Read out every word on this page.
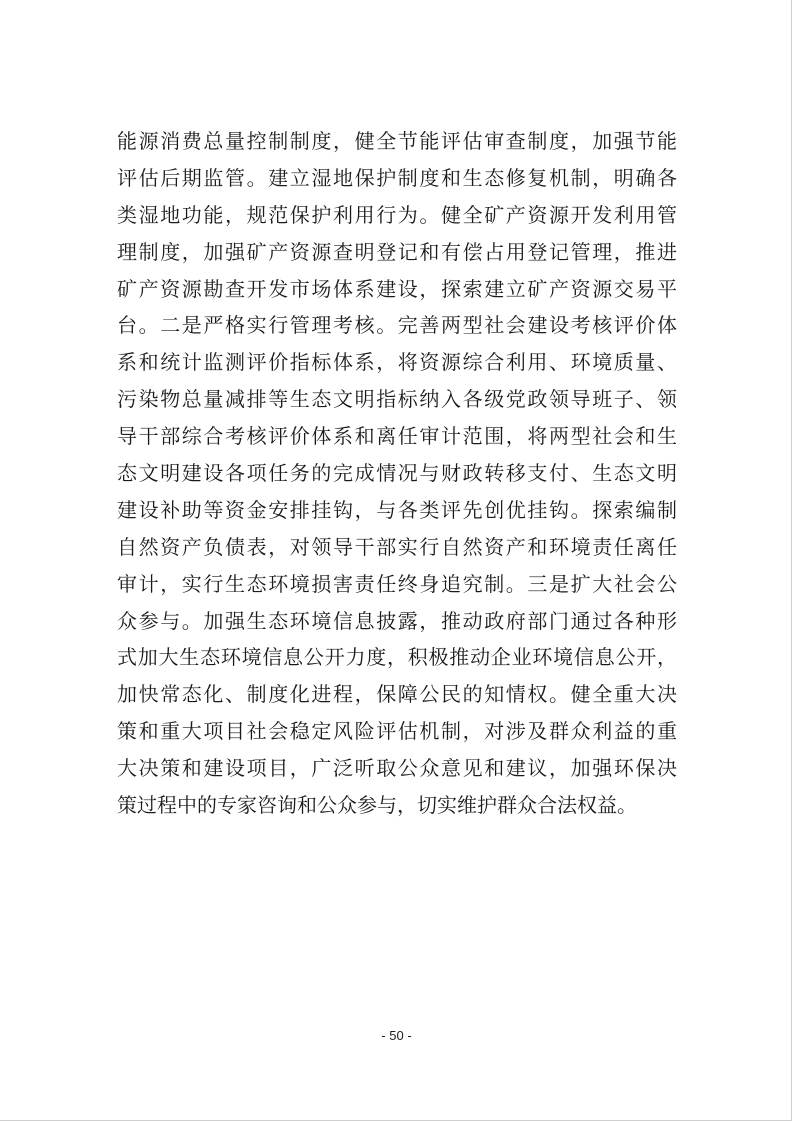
能源消费总量控制制度，健全节能评估审查制度，加强节能
评估后期监管。建立湿地保护制度和生态修复机制，明确各
类湿地功能，规范保护利用行为。健全矿产资源开发利用管
理制度，加强矿产资源查明登记和有偿占用登记管理，推进
矿产资源勘查开发市场体系建设，探索建立矿产资源交易平
台。二是严格实行管理考核。完善两型社会建设考核评价体
系和统计监测评价指标体系，将资源综合利用、环境质量、
污染物总量减排等生态文明指标纳入各级党政领导班子、领
导干部综合考核评价体系和离任审计范围，将两型社会和生
态文明建设各项任务的完成情况与财政转移支付、生态文明
建设补助等资金安排挂钩，与各类评先创优挂钩。探索编制
自然资产负债表，对领导干部实行自然资产和环境责任离任
审计，实行生态环境损害责任终身追究制。三是扩大社会公
众参与。加强生态环境信息披露，推动政府部门通过各种形
式加大生态环境信息公开力度，积极推动企业环境信息公开，
加快常态化、制度化进程，保障公民的知情权。健全重大决
策和重大项目社会稳定风险评估机制，对涉及群众利益的重
大决策和建设项目，广泛听取公众意见和建议，加强环保决
策过程中的专家咨询和公众参与，切实维护群众合法权益。
- 50 -
